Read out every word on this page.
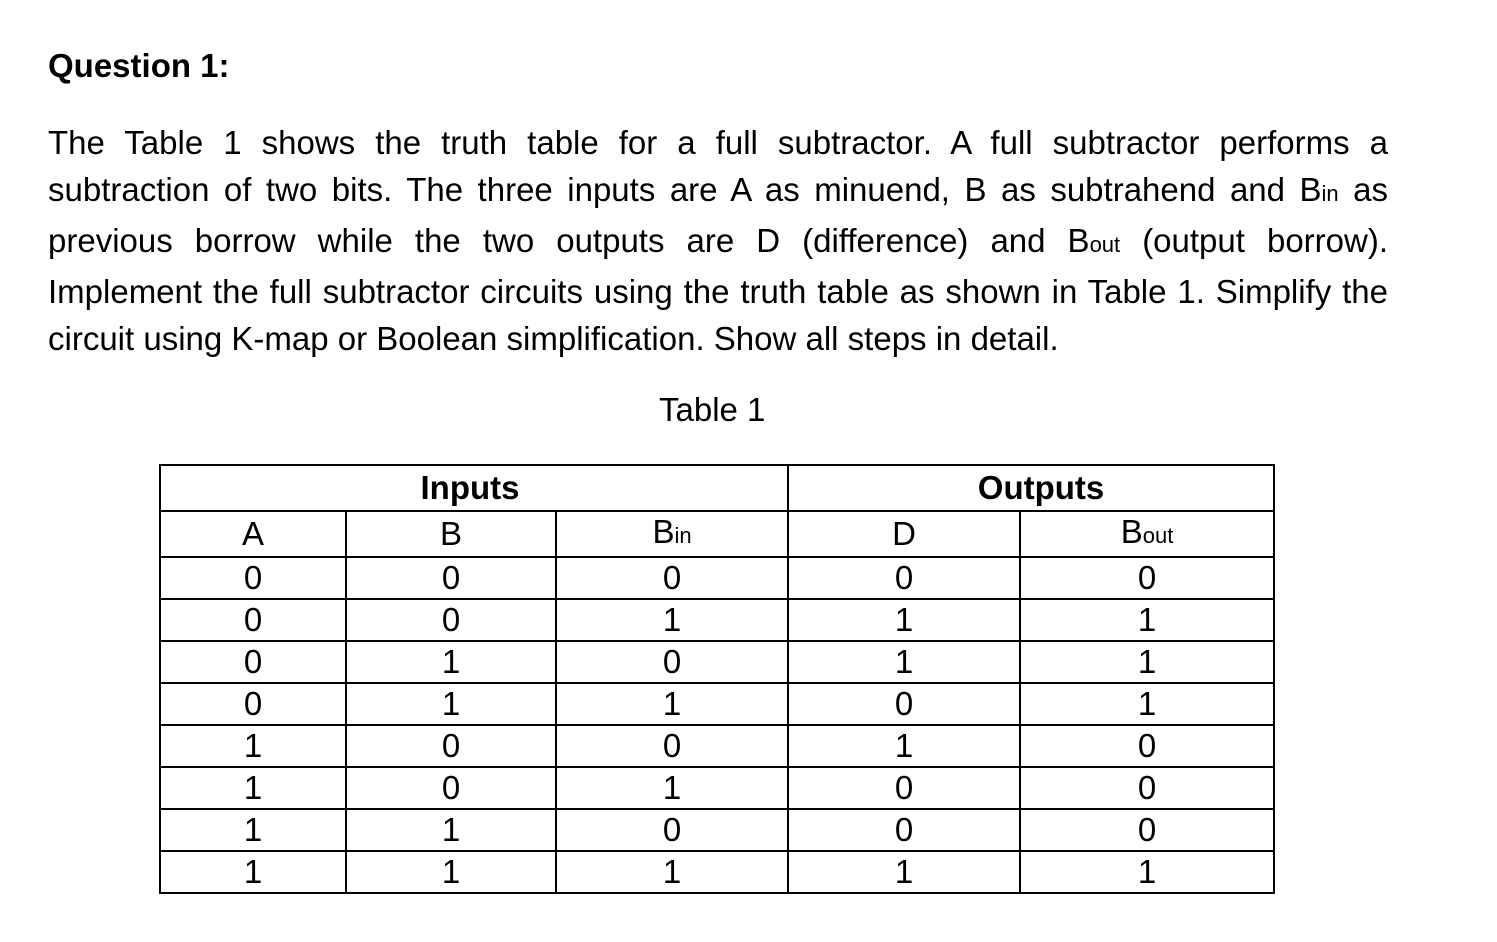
Question 1:

The Table 1 shows the truth table for a full subtractor. A full subtractor performs a subtraction of two bits. The three inputs are A as minuend, B as subtrahend and Bin as previous borrow while the two outputs are D (difference) and Bout (output borrow). Implement the full subtractor circuits using the truth table as shown in Table 1. Simplify the circuit using K-map or Boolean simplification. Show all steps in detail.

Table 1
Inputs			Outputs	
A	B	Bin	D	Bout
0	0	0	0	0
0	0	1	1	1
0	1	0	1	1
0	1	1	0	1
1	0	0	1	0
1	0	1	0	0
1	1	0	0	0
1	1	1	1	1
